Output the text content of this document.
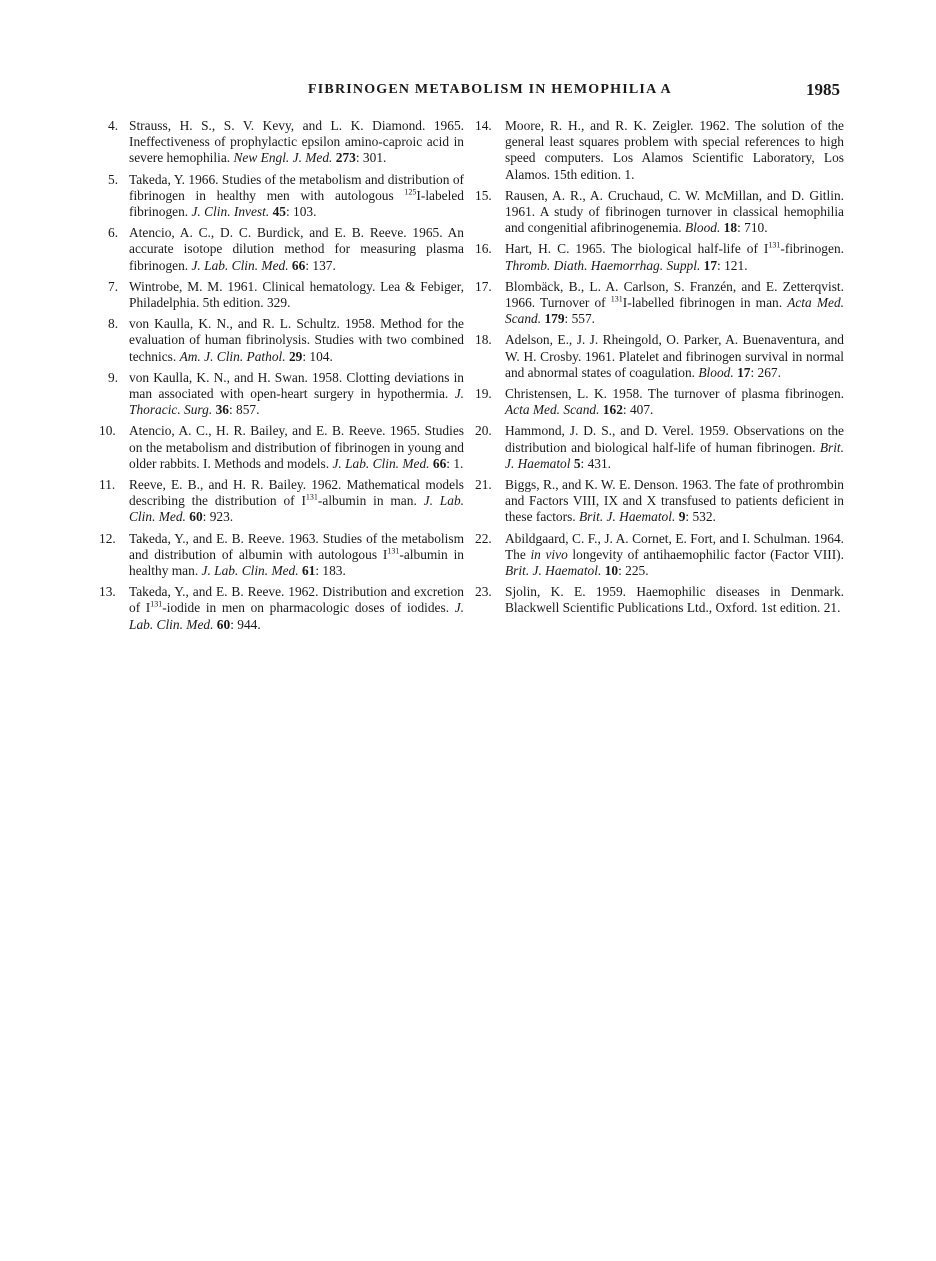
FIBRINOGEN METABOLISM IN HEMOPHILIA A	1985
4. Strauss, H. S., S. V. Kevy, and L. K. Diamond. 1965. Ineffectiveness of prophylactic epsilon amino-caproic acid in severe hemophilia. New Engl. J. Med. 273: 301.
5. Takeda, Y. 1966. Studies of the metabolism and distribution of fibrinogen in healthy men with autologous $^{125}$I-labeled fibrinogen. J. Clin. Invest. 45: 103.
6. Atencio, A. C., D. C. Burdick, and E. B. Reeve. 1965. An accurate isotope dilution method for measuring plasma fibrinogen. J. Lab. Clin. Med. 66: 137.
7. Wintrobe, M. M. 1961. Clinical hematology. Lea & Febiger, Philadelphia. 5th edition. 329.
8. von Kaulla, K. N., and R. L. Schultz. 1958. Method for the evaluation of human fibrinolysis. Studies with two combined technics. Am. J. Clin. Pathol. 29: 104.
9. von Kaulla, K. N., and H. Swan. 1958. Clotting deviations in man associated with open-heart surgery in hypothermia. J. Thoracic. Surg. 36: 857.
10. Atencio, A. C., H. R. Bailey, and E. B. Reeve. 1965. Studies on the metabolism and distribution of fibrinogen in young and older rabbits. I. Methods and models. J. Lab. Clin. Med. 66: 1.
11. Reeve, E. B., and H. R. Bailey. 1962. Mathematical models describing the distribution of $I^{131}$-albumin in man. J. Lab. Clin. Med. 60: 923.
12. Takeda, Y., and E. B. Reeve. 1963. Studies of the metabolism and distribution of albumin with autologous $I^{131}$-albumin in healthy man. J. Lab. Clin. Med. 61: 183.
13. Takeda, Y., and E. B. Reeve. 1962. Distribution and excretion of $I^{131}$-iodide in men on pharmacologic doses of iodides. J. Lab. Clin. Med. 60: 944.
14. Moore, R. H., and R. K. Zeigler. 1962. The solution of the general least squares problem with special references to high speed computers. Los Alamos Scientific Laboratory, Los Alamos. 15th edition. 1.
15. Rausen, A. R., A. Cruchaud, C. W. McMillan, and D. Gitlin. 1961. A study of fibrinogen turnover in classical hemophilia and congenitial afibrinogenemia. Blood. 18: 710.
16. Hart, H. C. 1965. The biological half-life of $I^{131}$-fibrinogen. Thromb. Diath. Haemorrhag. Suppl. 17: 121.
17. Blombäck, B., L. A. Carlson, S. Franzén, and E. Zetterqvist. 1966. Turnover of $^{131}$I-labelled fibrinogen in man. Acta Med. Scand. 179: 557.
18. Adelson, E., J. J. Rheingold, O. Parker, A. Buenaventura, and W. H. Crosby. 1961. Platelet and fibrinogen survival in normal and abnormal states of coagulation. Blood. 17: 267.
19. Christensen, L. K. 1958. The turnover of plasma fibrinogen. Acta Med. Scand. 162: 407.
20. Hammond, J. D. S., and D. Verel. 1959. Observations on the distribution and biological half-life of human fibrinogen. Brit. J. Haematol 5: 431.
21. Biggs, R., and K. W. E. Denson. 1963. The fate of prothrombin and Factors VIII, IX and X transfused to patients deficient in these factors. Brit. J. Haematol. 9: 532.
22. Abildgaard, C. F., J. A. Cornet, E. Fort, and I. Schulman. 1964. The in vivo longevity of antihaemophilic factor (Factor VIII). Brit. J. Haematol. 10: 225.
23. Sjolin, K. E. 1959. Haemophilic diseases in Denmark. Blackwell Scientific Publications Ltd., Oxford. 1st edition. 21.
